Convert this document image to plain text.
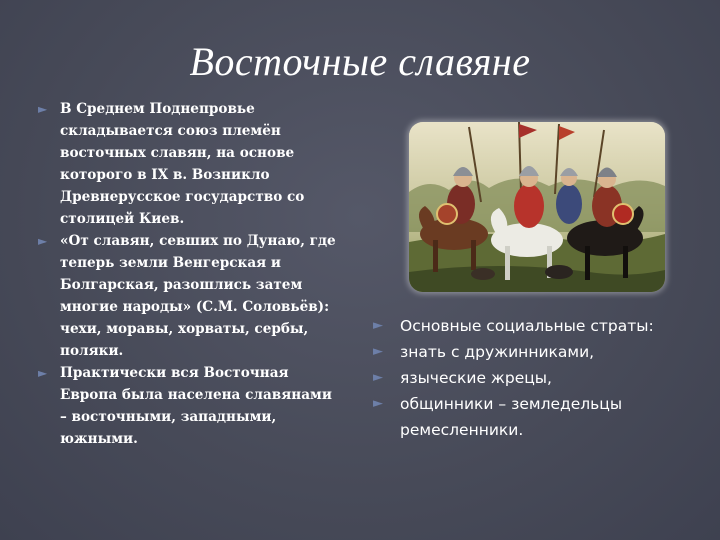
Восточные славяне
► В Среднем Поднепровье складывается союз племён восточных славян, на основе которого в IX в. Возникло Древнерусское государство со столицей Киев.
► «От славян, севших по Дунаю, где теперь земли Венгерская и Болгарская, разошлись затем многие народы» (С.М. Соловьёв): чехи, моравы, хорваты, сербы, поляки.
► Практически вся Восточная Европа была населена славянами – восточными, западными, южными.
► Основные социальные страты:
► знать с дружинниками,
► языческие жрецы,
► общинники – земледельцы ремесленники.
